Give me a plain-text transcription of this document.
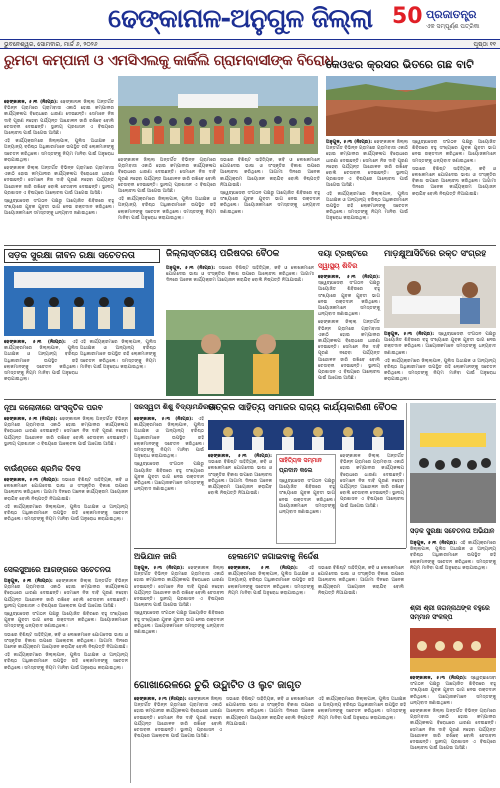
ଢେଙ୍କାନାଳ-ଅନୁଗୁଳ ଜିଲ୍ଲା 50 ପ୍ରଜାତନ୍ତ୍ର
ଏକ ସମ୍ପୂର୍ଣ୍ଣ ପତ୍ରିକା
ଭୁବନେଶ୍ୱର, ସୋମବାର, ମାର୍ଚ୍ଚ ୬, ୨୦୨୬	ପୃଷ୍ଠା ୧୧
ରୁମଟା କମ୍ପାନୀ ଓ ଏମସିଏଲକୁ କାର୍କିଲି ଗ୍ରାମବାସୀଙ୍କ ବିରୋଧ

ଢେଙ୍କାନାଳ, ୫।୩ (ନିଃପ୍ର): ଢେଙ୍କାନାଳ ଜିଲ୍ଲା ଅନ୍ତର୍ଗତ ବିଭିନ୍ନ ଗ୍ରାମରେ ଗ୍ରାମବାସୀ ଏକାଠି ହୋଇ କମ୍ପାନୀର କାର୍ଯ୍ୟକଳାପ ବିରୋଧରେ ଧାରଣା ଦେଇଛନ୍ତି। ସେମାନେ ନିଜ ଦାବି ପୂରଣ ନହେବା ପର୍ଯ୍ୟନ୍ତ ଆନ୍ଦୋଳନ ଜାରି ରଖିବେ ବୋଲି ଚେତାବନୀ ଦେଇଛନ୍ତି। ସ୍ଥାନୀୟ ପ୍ରଶାସନ ଏ ବିଷୟରେ ଆଲୋଚନା ପାଇଁ ଆଗେଇ ଆସିଛି।

ଏହି କାର୍ଯ୍ୟକ୍ରମରେ ଜିଲ୍ଲାପାଳ, ପୁଲିସ ଅଧୀକ୍ଷକ ଓ ଅନ୍ୟାନ୍ୟ ବରିଷ୍ଠ ଅଧିକାରୀମାନେ ଉପସ୍ଥିତ ରହି ଲୋକମାନଙ୍କୁ ସଚେତନ କରିଥିଲେ। ସମସ୍ତଙ୍କୁ ନିୟମ ମାନିବା ପାଇଁ ଅନୁରୋଧ କରାଯାଇଥିଲା।

ଢେଙ୍କାନାଳ ଜିଲ୍ଲା ଅନ୍ତର୍ଗତ ବିଭିନ୍ନ ଗ୍ରାମରେ ଗ୍ରାମବାସୀ ଏକାଠି ହୋଇ କମ୍ପାନୀର କାର୍ଯ୍ୟକଳାପ ବିରୋଧରେ ଧାରଣା ଦେଇଛନ୍ତି। ସେମାନେ ନିଜ ଦାବି ପୂରଣ ନହେବା ପର୍ଯ୍ୟନ୍ତ ଆନ୍ଦୋଳନ ଜାରି ରଖିବେ ବୋଲି ଚେତାବନୀ ଦେଇଛନ୍ତି। ସ୍ଥାନୀୟ ପ୍ରଶାସନ ଏ ବିଷୟରେ ଆଲୋଚନା ପାଇଁ ଆଗେଇ ଆସିଛି।

ସ୍ୱେଚ୍ଛାସେବୀ ସଂଗଠନ ପକ୍ଷରୁ ଆୟୋଜିତ ଶିବିରରେ ବହୁ ସଂଖ୍ୟାରେ ଯୁବକ ଯୁବତୀ ଭାଗ ନେଇ ରକ୍ତଦାନ କରିଥିଲେ। ଆୟୋଜକମାନେ ସମସ୍ତଙ୍କୁ ଧନ୍ୟବାଦ ଜଣାଇଥିଲେ।

ଢେଙ୍କାନାଳ ଜିଲ୍ଲା ଅନ୍ତର୍ଗତ ବିଭିନ୍ନ ଗ୍ରାମରେ ଗ୍ରାମବାସୀ ଏକାଠି ହୋଇ କମ୍ପାନୀର କାର୍ଯ୍ୟକଳାପ ବିରୋଧରେ ଧାରଣା ଦେଇଛନ୍ତି। ସେମାନେ ନିଜ ଦାବି ପୂରଣ ନହେବା ପର୍ଯ୍ୟନ୍ତ ଆନ୍ଦୋଳନ ଜାରି ରଖିବେ ବୋଲି ଚେତାବନୀ ଦେଇଛନ୍ତି। ସ୍ଥାନୀୟ ପ୍ରଶାସନ ଏ ବିଷୟରେ ଆଲୋଚନା ପାଇଁ ଆଗେଇ ଆସିଛି।

ଏହି କାର୍ଯ୍ୟକ୍ରମରେ ଜିଲ୍ଲାପାଳ, ପୁଲିସ ଅଧୀକ୍ଷକ ଓ ଅନ୍ୟାନ୍ୟ ବରିଷ୍ଠ ଅଧିକାରୀମାନେ ଉପସ୍ଥିତ ରହି ଲୋକମାନଙ୍କୁ ସଚେତନ କରିଥିଲେ। ସମସ୍ତଙ୍କୁ ନିୟମ ମାନିବା ପାଇଁ ଅନୁରୋଧ କରାଯାଇଥିଲା।

ସଭାରେ ବିଶିଷ୍ଟ ସାହିତ୍ୟିକ, କବି ଓ ଲେଖକମାନେ ଯୋଗଦେଇ ଭାଷା ଓ ସଂସ୍କୃତିର ବିକାଶ ଉପରେ ଆଲୋଚନା କରିଥିଲେ। ଆଗାମୀ ଦିନରେ ଅନେକ କାର୍ଯ୍ୟକ୍ରମ ଆୟୋଜନ କରାଯିବ ବୋଲି ନିଷ୍ପତ୍ତି ନିଆଯାଇଛି।

ସ୍ୱେଚ୍ଛାସେବୀ ସଂଗଠନ ପକ୍ଷରୁ ଆୟୋଜିତ ଶିବିରରେ ବହୁ ସଂଖ୍ୟାରେ ଯୁବକ ଯୁବତୀ ଭାଗ ନେଇ ରକ୍ତଦାନ କରିଥିଲେ। ଆୟୋଜକମାନେ ସମସ୍ତଙ୍କୁ ଧନ୍ୟବାଦ ଜଣାଇଥିଲେ।

କେଓଝର କ୍ରସର ଭିତରେ ଗଛ ବାଟି

ଅନୁଗୁଳ, ୫।୩ (ନିଃପ୍ର): ଢେଙ୍କାନାଳ ଜିଲ୍ଲା ଅନ୍ତର୍ଗତ ବିଭିନ୍ନ ଗ୍ରାମରେ ଗ୍ରାମବାସୀ ଏକାଠି ହୋଇ କମ୍ପାନୀର କାର୍ଯ୍ୟକଳାପ ବିରୋଧରେ ଧାରଣା ଦେଇଛନ୍ତି। ସେମାନେ ନିଜ ଦାବି ପୂରଣ ନହେବା ପର୍ଯ୍ୟନ୍ତ ଆନ୍ଦୋଳନ ଜାରି ରଖିବେ ବୋଲି ଚେତାବନୀ ଦେଇଛନ୍ତି। ସ୍ଥାନୀୟ ପ୍ରଶାସନ ଏ ବିଷୟରେ ଆଲୋଚନା ପାଇଁ ଆଗେଇ ଆସିଛି।

ଏହି କାର୍ଯ୍ୟକ୍ରମରେ ଜିଲ୍ଲାପାଳ, ପୁଲିସ ଅଧୀକ୍ଷକ ଓ ଅନ୍ୟାନ୍ୟ ବରିଷ୍ଠ ଅଧିକାରୀମାନେ ଉପସ୍ଥିତ ରହି ଲୋକମାନଙ୍କୁ ସଚେତନ କରିଥିଲେ। ସମସ୍ତଙ୍କୁ ନିୟମ ମାନିବା ପାଇଁ ଅନୁରୋଧ କରାଯାଇଥିଲା।

ସ୍ୱେଚ୍ଛାସେବୀ ସଂଗଠନ ପକ୍ଷରୁ ଆୟୋଜିତ ଶିବିରରେ ବହୁ ସଂଖ୍ୟାରେ ଯୁବକ ଯୁବତୀ ଭାଗ ନେଇ ରକ୍ତଦାନ କରିଥିଲେ। ଆୟୋଜକମାନେ ସମସ୍ତଙ୍କୁ ଧନ୍ୟବାଦ ଜଣାଇଥିଲେ।

ସଭାରେ ବିଶିଷ୍ଟ ସାହିତ୍ୟିକ, କବି ଓ ଲେଖକମାନେ ଯୋଗଦେଇ ଭାଷା ଓ ସଂସ୍କୃତିର ବିକାଶ ଉପରେ ଆଲୋଚନା କରିଥିଲେ। ଆଗାମୀ ଦିନରେ ଅନେକ କାର୍ଯ୍ୟକ୍ରମ ଆୟୋଜନ କରାଯିବ ବୋଲି ନିଷ୍ପତ୍ତି ନିଆଯାଇଛି।

ସଡ଼କ ସୁରକ୍ଷା ଜୀବନ ରକ୍ଷା ସଚେତନତା

ଢେଙ୍କାନାଳ, ୫।୩ (ନିଃପ୍ର): ଏହି କାର୍ଯ୍ୟକ୍ରମରେ ଜିଲ୍ଲାପାଳ, ପୁଲିସ ଅଧୀକ୍ଷକ ଓ ଅନ୍ୟାନ୍ୟ ବରିଷ୍ଠ ଅଧିକାରୀମାନେ ଉପସ୍ଥିତ ରହି ଲୋକମାନଙ୍କୁ ସଚେତନ କରିଥିଲେ। ସମସ୍ତଙ୍କୁ ନିୟମ ମାନିବା ପାଇଁ ଅନୁରୋଧ କରାଯାଇଥିଲା।

ଏହି କାର୍ଯ୍ୟକ୍ରମରେ ଜିଲ୍ଲାପାଳ, ପୁଲିସ ଅଧୀକ୍ଷକ ଓ ଅନ୍ୟାନ୍ୟ ବରିଷ୍ଠ ଅଧିକାରୀମାନେ ଉପସ୍ଥିତ ରହି ଲୋକମାନଙ୍କୁ ସଚେତନ କରିଥିଲେ। ସମସ୍ତଙ୍କୁ ନିୟମ ମାନିବା ପାଇଁ ଅନୁରୋଧ କରାଯାଇଥିଲା।

ଜିଲ୍ଲାସ୍ତରୀୟ ପରିଷଦର ବୈଠକ

ଅନୁଗୁଳ, ୫।୩ (ନିଃପ୍ର): ସଭାରେ ବିଶିଷ୍ଟ ସାହିତ୍ୟିକ, କବି ଓ ଲେଖକମାନେ ଯୋଗଦେଇ ଭାଷା ଓ ସଂସ୍କୃତିର ବିକାଶ ଉପରେ ଆଲୋଚନା କରିଥିଲେ। ଆଗାମୀ ଦିନରେ ଅନେକ କାର୍ଯ୍ୟକ୍ରମ ଆୟୋଜନ କରାଯିବ ବୋଲି ନିଷ୍ପତ୍ତି ନିଆଯାଇଛି।

ଦୟା ଟ୍ରଷ୍ଟରେ
ସ୍ୱାସ୍ଥ୍ୟ ଶିବିର

ଢେଙ୍କାନାଳ, ୫।୩ (ନିଃପ୍ର): ସ୍ୱେଚ୍ଛାସେବୀ ସଂଗଠନ ପକ୍ଷରୁ ଆୟୋଜିତ ଶିବିରରେ ବହୁ ସଂଖ୍ୟାରେ ଯୁବକ ଯୁବତୀ ଭାଗ ନେଇ ରକ୍ତଦାନ କରିଥିଲେ। ଆୟୋଜକମାନେ ସମସ୍ତଙ୍କୁ ଧନ୍ୟବାଦ ଜଣାଇଥିଲେ।

ଢେଙ୍କାନାଳ ଜିଲ୍ଲା ଅନ୍ତର୍ଗତ ବିଭିନ୍ନ ଗ୍ରାମରେ ଗ୍ରାମବାସୀ ଏକାଠି ହୋଇ କମ୍ପାନୀର କାର୍ଯ୍ୟକଳାପ ବିରୋଧରେ ଧାରଣା ଦେଇଛନ୍ତି। ସେମାନେ ନିଜ ଦାବି ପୂରଣ ନହେବା ପର୍ଯ୍ୟନ୍ତ ଆନ୍ଦୋଳନ ଜାରି ରଖିବେ ବୋଲି ଚେତାବନୀ ଦେଇଛନ୍ତି। ସ୍ଥାନୀୟ ପ୍ରଶାସନ ଏ ବିଷୟରେ ଆଲୋଚନା ପାଇଁ ଆଗେଇ ଆସିଛି।

ମାଡ଼କ୍ଷୁଆସିଟିରେ ରକ୍ତ ସଂଗ୍ରହ

ଅନୁଗୁଳ, ୫।୩ (ନିଃପ୍ର): ସ୍ୱେଚ୍ଛାସେବୀ ସଂଗଠନ ପକ୍ଷରୁ ଆୟୋଜିତ ଶିବିରରେ ବହୁ ସଂଖ୍ୟାରେ ଯୁବକ ଯୁବତୀ ଭାଗ ନେଇ ରକ୍ତଦାନ କରିଥିଲେ। ଆୟୋଜକମାନେ ସମସ୍ତଙ୍କୁ ଧନ୍ୟବାଦ ଜଣାଇଥିଲେ।

ଏହି କାର୍ଯ୍ୟକ୍ରମରେ ଜିଲ୍ଲାପାଳ, ପୁଲିସ ଅଧୀକ୍ଷକ ଓ ଅନ୍ୟାନ୍ୟ ବରିଷ୍ଠ ଅଧିକାରୀମାନେ ଉପସ୍ଥିତ ରହି ଲୋକମାନଙ୍କୁ ସଚେତନ କରିଥିଲେ। ସମସ୍ତଙ୍କୁ ନିୟମ ମାନିବା ପାଇଁ ଅନୁରୋଧ କରାଯାଇଥିଲା।

ନୂଆ କଲୋନୀରେ ସାଂସ୍କୃତିକ ପରବ

ଢେଙ୍କାନାଳ, ୫।୩ (ନିଃପ୍ର): ଢେଙ୍କାନାଳ ଜିଲ୍ଲା ଅନ୍ତର୍ଗତ ବିଭିନ୍ନ ଗ୍ରାମରେ ଗ୍ରାମବାସୀ ଏକାଠି ହୋଇ କମ୍ପାନୀର କାର୍ଯ୍ୟକଳାପ ବିରୋଧରେ ଧାରଣା ଦେଇଛନ୍ତି। ସେମାନେ ନିଜ ଦାବି ପୂରଣ ନହେବା ପର୍ଯ୍ୟନ୍ତ ଆନ୍ଦୋଳନ ଜାରି ରଖିବେ ବୋଲି ଚେତାବନୀ ଦେଇଛନ୍ତି। ସ୍ଥାନୀୟ ପ୍ରଶାସନ ଏ ବିଷୟରେ ଆଲୋଚନା ପାଇଁ ଆଗେଇ ଆସିଛି।

ବାଉଁଣ୍ଡରେ ଶ୍ରମିକ ଦିବସ

ଢେଙ୍କାନାଳ, ୫।୩ (ନିଃପ୍ର): ସଭାରେ ବିଶିଷ୍ଟ ସାହିତ୍ୟିକ, କବି ଓ ଲେଖକମାନେ ଯୋଗଦେଇ ଭାଷା ଓ ସଂସ୍କୃତିର ବିକାଶ ଉପରେ ଆଲୋଚନା କରିଥିଲେ। ଆଗାମୀ ଦିନରେ ଅନେକ କାର୍ଯ୍ୟକ୍ରମ ଆୟୋଜନ କରାଯିବ ବୋଲି ନିଷ୍ପତ୍ତି ନିଆଯାଇଛି।

ଏହି କାର୍ଯ୍ୟକ୍ରମରେ ଜିଲ୍ଲାପାଳ, ପୁଲିସ ଅଧୀକ୍ଷକ ଓ ଅନ୍ୟାନ୍ୟ ବରିଷ୍ଠ ଅଧିକାରୀମାନେ ଉପସ୍ଥିତ ରହି ଲୋକମାନଙ୍କୁ ସଚେତନ କରିଥିଲେ। ସମସ୍ତଙ୍କୁ ନିୟମ ମାନିବା ପାଇଁ ଅନୁରୋଧ କରାଯାଇଥିଲା।

ସେଲସୁଆରେ ଆଗଙ୍ଗରେ ସଚେତନତା

ଅନୁଗୁଳ, ୫।୩ (ନିଃପ୍ର): ଢେଙ୍କାନାଳ ଜିଲ୍ଲା ଅନ୍ତର୍ଗତ ବିଭିନ୍ନ ଗ୍ରାମରେ ଗ୍ରାମବାସୀ ଏକାଠି ହୋଇ କମ୍ପାନୀର କାର୍ଯ୍ୟକଳାପ ବିରୋଧରେ ଧାରଣା ଦେଇଛନ୍ତି। ସେମାନେ ନିଜ ଦାବି ପୂରଣ ନହେବା ପର୍ଯ୍ୟନ୍ତ ଆନ୍ଦୋଳନ ଜାରି ରଖିବେ ବୋଲି ଚେତାବନୀ ଦେଇଛନ୍ତି। ସ୍ଥାନୀୟ ପ୍ରଶାସନ ଏ ବିଷୟରେ ଆଲୋଚନା ପାଇଁ ଆଗେଇ ଆସିଛି।

ସ୍ୱେଚ୍ଛାସେବୀ ସଂଗଠନ ପକ୍ଷରୁ ଆୟୋଜିତ ଶିବିରରେ ବହୁ ସଂଖ୍ୟାରେ ଯୁବକ ଯୁବତୀ ଭାଗ ନେଇ ରକ୍ତଦାନ କରିଥିଲେ। ଆୟୋଜକମାନେ ସମସ୍ତଙ୍କୁ ଧନ୍ୟବାଦ ଜଣାଇଥିଲେ।

ସଭାରେ ବିଶିଷ୍ଟ ସାହିତ୍ୟିକ, କବି ଓ ଲେଖକମାନେ ଯୋଗଦେଇ ଭାଷା ଓ ସଂସ୍କୃତିର ବିକାଶ ଉପରେ ଆଲୋଚନା କରିଥିଲେ। ଆଗାମୀ ଦିନରେ ଅନେକ କାର୍ଯ୍ୟକ୍ରମ ଆୟୋଜନ କରାଯିବ ବୋଲି ନିଷ୍ପତ୍ତି ନିଆଯାଇଛି।

ଏହି କାର୍ଯ୍ୟକ୍ରମରେ ଜିଲ୍ଲାପାଳ, ପୁଲିସ ଅଧୀକ୍ଷକ ଓ ଅନ୍ୟାନ୍ୟ ବରିଷ୍ଠ ଅଧିକାରୀମାନେ ଉପସ୍ଥିତ ରହି ଲୋକମାନଙ୍କୁ ସଚେତନ କରିଥିଲେ। ସମସ୍ତଙ୍କୁ ନିୟମ ମାନିବା ପାଇଁ ଅନୁରୋଧ କରାଯାଇଥିଲା।

ସରସ୍ୱତୀ ଶିଶୁ ବିଦ୍ୟାମନ୍ଦିରରେ

ଢେଙ୍କାନାଳ, ୫।୩ (ନିଃପ୍ର): ଏହି କାର୍ଯ୍ୟକ୍ରମରେ ଜିଲ୍ଲାପାଳ, ପୁଲିସ ଅଧୀକ୍ଷକ ଓ ଅନ୍ୟାନ୍ୟ ବରିଷ୍ଠ ଅଧିକାରୀମାନେ ଉପସ୍ଥିତ ରହି ଲୋକମାନଙ୍କୁ ସଚେତନ କରିଥିଲେ। ସମସ୍ତଙ୍କୁ ନିୟମ ମାନିବା ପାଇଁ ଅନୁରୋଧ କରାଯାଇଥିଲା।

ସ୍ୱେଚ୍ଛାସେବୀ ସଂଗଠନ ପକ୍ଷରୁ ଆୟୋଜିତ ଶିବିରରେ ବହୁ ସଂଖ୍ୟାରେ ଯୁବକ ଯୁବତୀ ଭାଗ ନେଇ ରକ୍ତଦାନ କରିଥିଲେ। ଆୟୋଜକମାନେ ସମସ୍ତଙ୍କୁ ଧନ୍ୟବାଦ ଜଣାଇଥିଲେ।

ଉତ୍କଳ ସାହିତ୍ୟ ସମାଜର ରାଜ୍ୟ କାର୍ଯ୍ୟକାରିଣୀ ବୈଠକ

ଢେଙ୍କାନାଳ, ୫।୩ (ନିଃପ୍ର): ସଭାରେ ବିଶିଷ୍ଟ ସାହିତ୍ୟିକ, କବି ଓ ଲେଖକମାନେ ଯୋଗଦେଇ ଭାଷା ଓ ସଂସ୍କୃତିର ବିକାଶ ଉପରେ ଆଲୋଚନା କରିଥିଲେ। ଆଗାମୀ ଦିନରେ ଅନେକ କାର୍ଯ୍ୟକ୍ରମ ଆୟୋଜନ କରାଯିବ ବୋଲି ନିଷ୍ପତ୍ତି ନିଆଯାଇଛି।

ସାହିତ୍ୟିକ ସମ୍ମାନ
ପ୍ରଦାନ କଲେ

ସ୍ୱେଚ୍ଛାସେବୀ ସଂଗଠନ ପକ୍ଷରୁ ଆୟୋଜିତ ଶିବିରରେ ବହୁ ସଂଖ୍ୟାରେ ଯୁବକ ଯୁବତୀ ଭାଗ ନେଇ ରକ୍ତଦାନ କରିଥିଲେ। ଆୟୋଜକମାନେ ସମସ୍ତଙ୍କୁ ଧନ୍ୟବାଦ ଜଣାଇଥିଲେ।

ଢେଙ୍କାନାଳ ଜିଲ୍ଲା ଅନ୍ତର୍ଗତ ବିଭିନ୍ନ ଗ୍ରାମରେ ଗ୍ରାମବାସୀ ଏକାଠି ହୋଇ କମ୍ପାନୀର କାର୍ଯ୍ୟକଳାପ ବିରୋଧରେ ଧାରଣା ଦେଇଛନ୍ତି। ସେମାନେ ନିଜ ଦାବି ପୂରଣ ନହେବା ପର୍ଯ୍ୟନ୍ତ ଆନ୍ଦୋଳନ ଜାରି ରଖିବେ ବୋଲି ଚେତାବନୀ ଦେଇଛନ୍ତି। ସ୍ଥାନୀୟ ପ୍ରଶାସନ ଏ ବିଷୟରେ ଆଲୋଚନା ପାଇଁ ଆଗେଇ ଆସିଛି।

ସଡ଼କ ସୁରକ୍ଷା ସଚେତନତା ଅଭିଯାନ

ଅନୁଗୁଳ, ୫।୩ (ନିଃପ୍ର): ଏହି କାର୍ଯ୍ୟକ୍ରମରେ ଜିଲ୍ଲାପାଳ, ପୁଲିସ ଅଧୀକ୍ଷକ ଓ ଅନ୍ୟାନ୍ୟ ବରିଷ୍ଠ ଅଧିକାରୀମାନେ ଉପସ୍ଥିତ ରହି ଲୋକମାନଙ୍କୁ ସଚେତନ କରିଥିଲେ। ସମସ୍ତଙ୍କୁ ନିୟମ ମାନିବା ପାଇଁ ଅନୁରୋଧ କରାଯାଇଥିଲା।

ଅଭିଯାନ ଜାରି

ଅନୁଗୁଳ, ୫।୩ (ନିଃପ୍ର): ଢେଙ୍କାନାଳ ଜିଲ୍ଲା ଅନ୍ତର୍ଗତ ବିଭିନ୍ନ ଗ୍ରାମରେ ଗ୍ରାମବାସୀ ଏକାଠି ହୋଇ କମ୍ପାନୀର କାର୍ଯ୍ୟକଳାପ ବିରୋଧରେ ଧାରଣା ଦେଇଛନ୍ତି। ସେମାନେ ନିଜ ଦାବି ପୂରଣ ନହେବା ପର୍ଯ୍ୟନ୍ତ ଆନ୍ଦୋଳନ ଜାରି ରଖିବେ ବୋଲି ଚେତାବନୀ ଦେଇଛନ୍ତି। ସ୍ଥାନୀୟ ପ୍ରଶାସନ ଏ ବିଷୟରେ ଆଲୋଚନା ପାଇଁ ଆଗେଇ ଆସିଛି।

ସ୍ୱେଚ୍ଛାସେବୀ ସଂଗଠନ ପକ୍ଷରୁ ଆୟୋଜିତ ଶିବିରରେ ବହୁ ସଂଖ୍ୟାରେ ଯୁବକ ଯୁବତୀ ଭାଗ ନେଇ ରକ୍ତଦାନ କରିଥିଲେ। ଆୟୋଜକମାନେ ସମସ୍ତଙ୍କୁ ଧନ୍ୟବାଦ ଜଣାଇଥିଲେ।

ହେଲମେଟ ଜଗାଇବାକୁ ନିର୍ଦ୍ଦେଶ

ଢେଙ୍କାନାଳ, ୫।୩ (ନିଃପ୍ର): ଏହି କାର୍ଯ୍ୟକ୍ରମରେ ଜିଲ୍ଲାପାଳ, ପୁଲିସ ଅଧୀକ୍ଷକ ଓ ଅନ୍ୟାନ୍ୟ ବରିଷ୍ଠ ଅଧିକାରୀମାନେ ଉପସ୍ଥିତ ରହି ଲୋକମାନଙ୍କୁ ସଚେତନ କରିଥିଲେ। ସମସ୍ତଙ୍କୁ ନିୟମ ମାନିବା ପାଇଁ ଅନୁରୋଧ କରାଯାଇଥିଲା।

ସଭାରେ ବିଶିଷ୍ଟ ସାହିତ୍ୟିକ, କବି ଓ ଲେଖକମାନେ ଯୋଗଦେଇ ଭାଷା ଓ ସଂସ୍କୃତିର ବିକାଶ ଉପରେ ଆଲୋଚନା କରିଥିଲେ। ଆଗାମୀ ଦିନରେ ଅନେକ କାର୍ଯ୍ୟକ୍ରମ ଆୟୋଜନ କରାଯିବ ବୋଲି ନିଷ୍ପତ୍ତି ନିଆଯାଇଛି।

ଶ୍ରୀ ଶ୍ରୀ ଜଗନ୍ନାଥଙ୍କ ବହୁରେ ସମ୍ମାନ ସଂକଳ୍ପ

ଢେଙ୍କାନାଳ, ୫।୩ (ନିଃପ୍ର): ସ୍ୱେଚ୍ଛାସେବୀ ସଂଗଠନ ପକ୍ଷରୁ ଆୟୋଜିତ ଶିବିରରେ ବହୁ ସଂଖ୍ୟାରେ ଯୁବକ ଯୁବତୀ ଭାଗ ନେଇ ରକ୍ତଦାନ କରିଥିଲେ। ଆୟୋଜକମାନେ ସମସ୍ତଙ୍କୁ ଧନ୍ୟବାଦ ଜଣାଇଥିଲେ।

ଢେଙ୍କାନାଳ ଜିଲ୍ଲା ଅନ୍ତର୍ଗତ ବିଭିନ୍ନ ଗ୍ରାମରେ ଗ୍ରାମବାସୀ ଏକାଠି ହୋଇ କମ୍ପାନୀର କାର୍ଯ୍ୟକଳାପ ବିରୋଧରେ ଧାରଣା ଦେଇଛନ୍ତି। ସେମାନେ ନିଜ ଦାବି ପୂରଣ ନହେବା ପର୍ଯ୍ୟନ୍ତ ଆନ୍ଦୋଳନ ଜାରି ରଖିବେ ବୋଲି ଚେତାବନୀ ଦେଇଛନ୍ତି। ସ୍ଥାନୀୟ ପ୍ରଶାସନ ଏ ବିଷୟରେ ଆଲୋଚନା ପାଇଁ ଆଗେଇ ଆସିଛି।

ଗୋଖାରେଳରେ ଚୁରି ଉଦ୍ଘାଟିତ ଓ ଲୁଟ ଜାଗୃତ

ଢେଙ୍କାନାଳ, ୫।୩ (ନିଃପ୍ର): ଢେଙ୍କାନାଳ ଜିଲ୍ଲା ଅନ୍ତର୍ଗତ ବିଭିନ୍ନ ଗ୍ରାମରେ ଗ୍ରାମବାସୀ ଏକାଠି ହୋଇ କମ୍ପାନୀର କାର୍ଯ୍ୟକଳାପ ବିରୋଧରେ ଧାରଣା ଦେଇଛନ୍ତି। ସେମାନେ ନିଜ ଦାବି ପୂରଣ ନହେବା ପର୍ଯ୍ୟନ୍ତ ଆନ୍ଦୋଳନ ଜାରି ରଖିବେ ବୋଲି ଚେତାବନୀ ଦେଇଛନ୍ତି। ସ୍ଥାନୀୟ ପ୍ରଶାସନ ଏ ବିଷୟରେ ଆଲୋଚନା ପାଇଁ ଆଗେଇ ଆସିଛି।

ସଭାରେ ବିଶିଷ୍ଟ ସାହିତ୍ୟିକ, କବି ଓ ଲେଖକମାନେ ଯୋଗଦେଇ ଭାଷା ଓ ସଂସ୍କୃତିର ବିକାଶ ଉପରେ ଆଲୋଚନା କରିଥିଲେ। ଆଗାମୀ ଦିନରେ ଅନେକ କାର୍ଯ୍ୟକ୍ରମ ଆୟୋଜନ କରାଯିବ ବୋଲି ନିଷ୍ପତ୍ତି ନିଆଯାଇଛି।

ଏହି କାର୍ଯ୍ୟକ୍ରମରେ ଜିଲ୍ଲାପାଳ, ପୁଲିସ ଅଧୀକ୍ଷକ ଓ ଅନ୍ୟାନ୍ୟ ବରିଷ୍ଠ ଅଧିକାରୀମାନେ ଉପସ୍ଥିତ ରହି ଲୋକମାନଙ୍କୁ ସଚେତନ କରିଥିଲେ। ସମସ୍ତଙ୍କୁ ନିୟମ ମାନିବା ପାଇଁ ଅନୁରୋଧ କରାଯାଇଥିଲା।
